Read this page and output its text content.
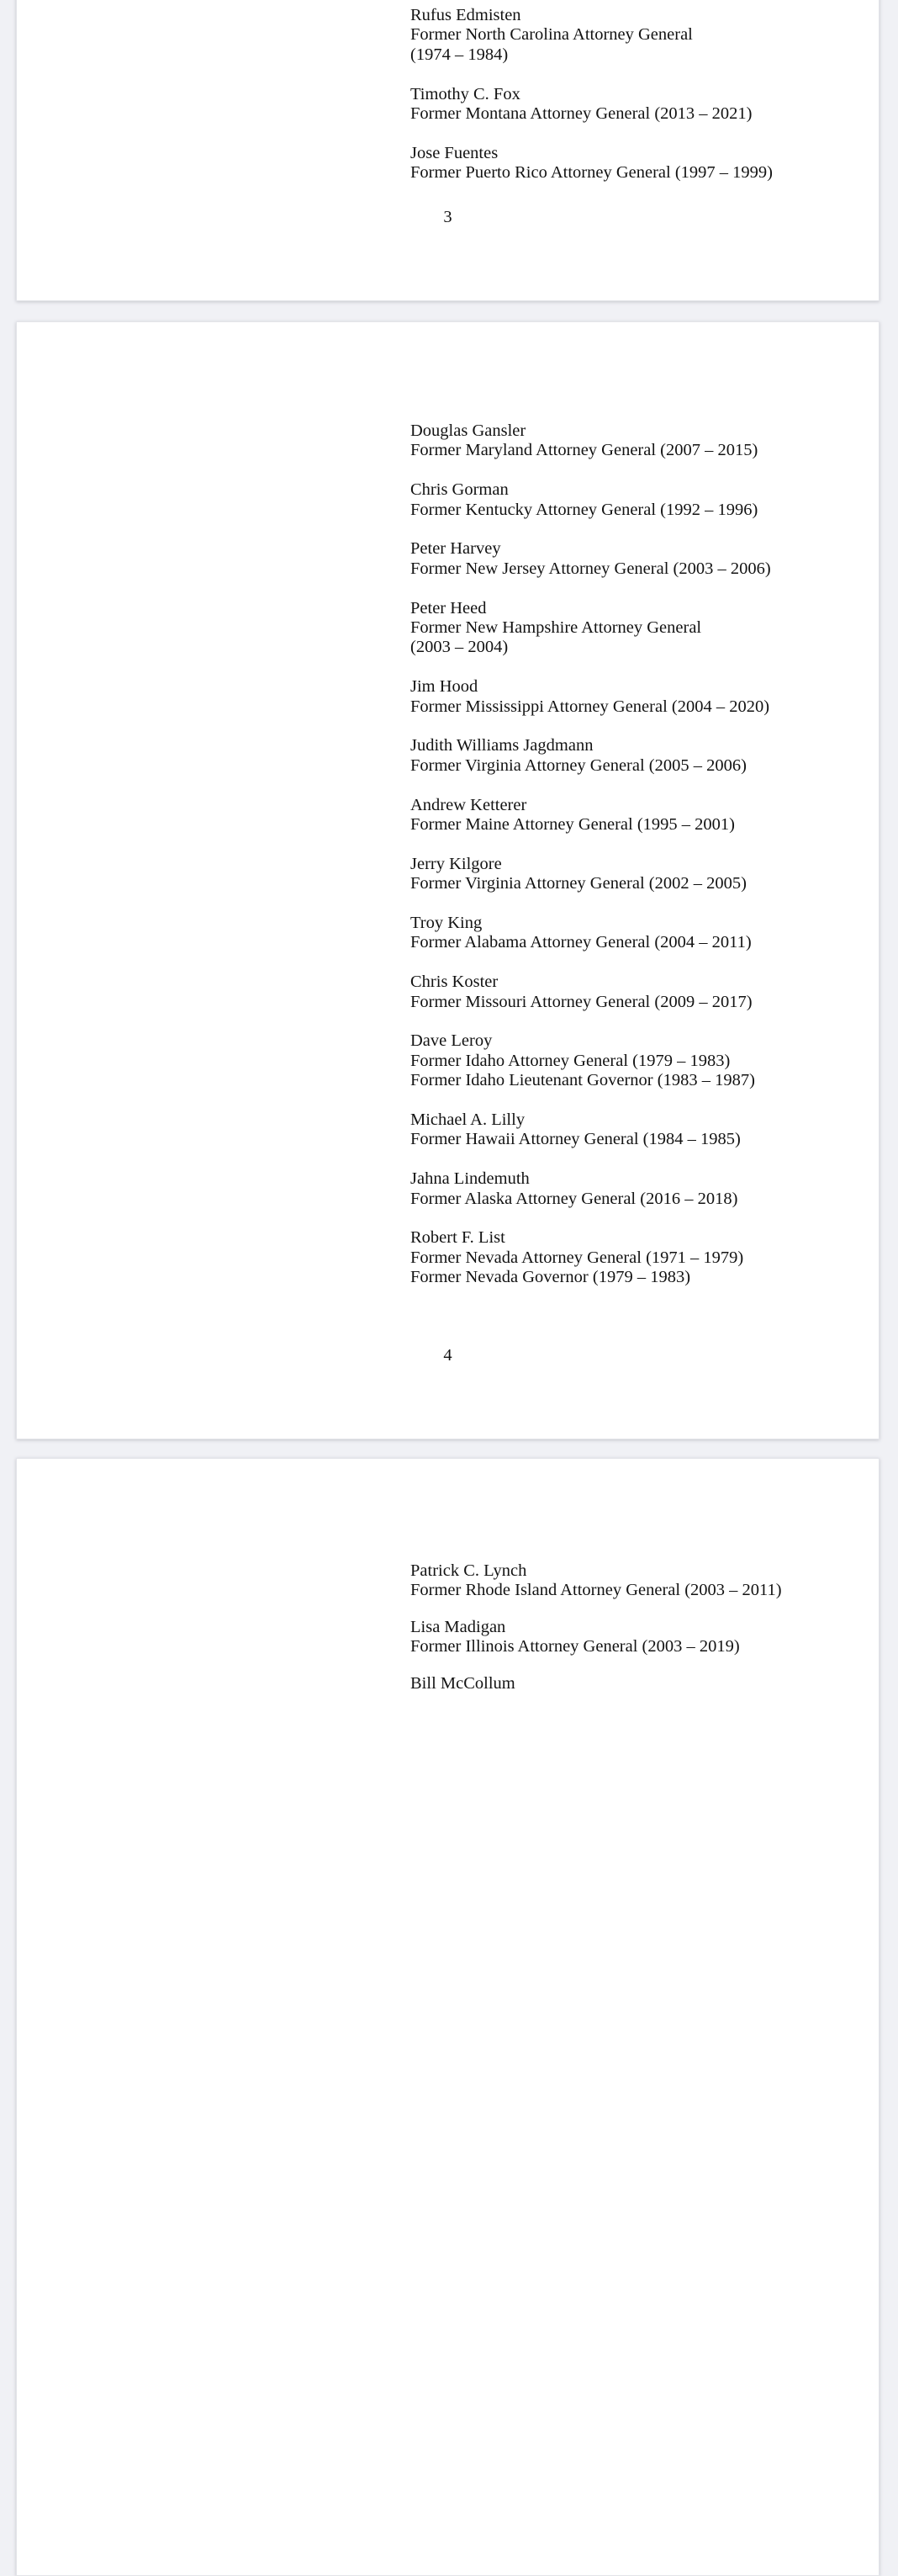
Rufus Edmisten
Former North Carolina Attorney General
(1974 – 1984)
Timothy C. Fox
Former Montana Attorney General (2013 – 2021)
Jose Fuentes
Former Puerto Rico Attorney General (1997 – 1999)
3
Douglas Gansler
Former Maryland Attorney General (2007 – 2015)
Chris Gorman
Former Kentucky Attorney General (1992 – 1996)
Peter Harvey
Former New Jersey Attorney General (2003 – 2006)
Peter Heed
Former New Hampshire Attorney General
(2003 – 2004)
Jim Hood
Former Mississippi Attorney General (2004 – 2020)
Judith Williams Jagdmann
Former Virginia Attorney General (2005 – 2006)
Andrew Ketterer
Former Maine Attorney General (1995 – 2001)
Jerry Kilgore
Former Virginia Attorney General (2002 – 2005)
Troy King
Former Alabama Attorney General (2004 – 2011)
Chris Koster
Former Missouri Attorney General (2009 – 2017)
Dave Leroy
Former Idaho Attorney General (1979 – 1983)
Former Idaho Lieutenant Governor (1983 – 1987)
Michael A. Lilly
Former Hawaii Attorney General (1984 – 1985)
Jahna Lindemuth
Former Alaska Attorney General (2016 – 2018)
Robert F. List
Former Nevada Attorney General (1971 – 1979)
Former Nevada Governor (1979 – 1983)
4
Patrick C. Lynch
Former Rhode Island Attorney General (2003 – 2011)
Lisa Madigan
Former Illinois Attorney General (2003 – 2019)
Bill McCollum
